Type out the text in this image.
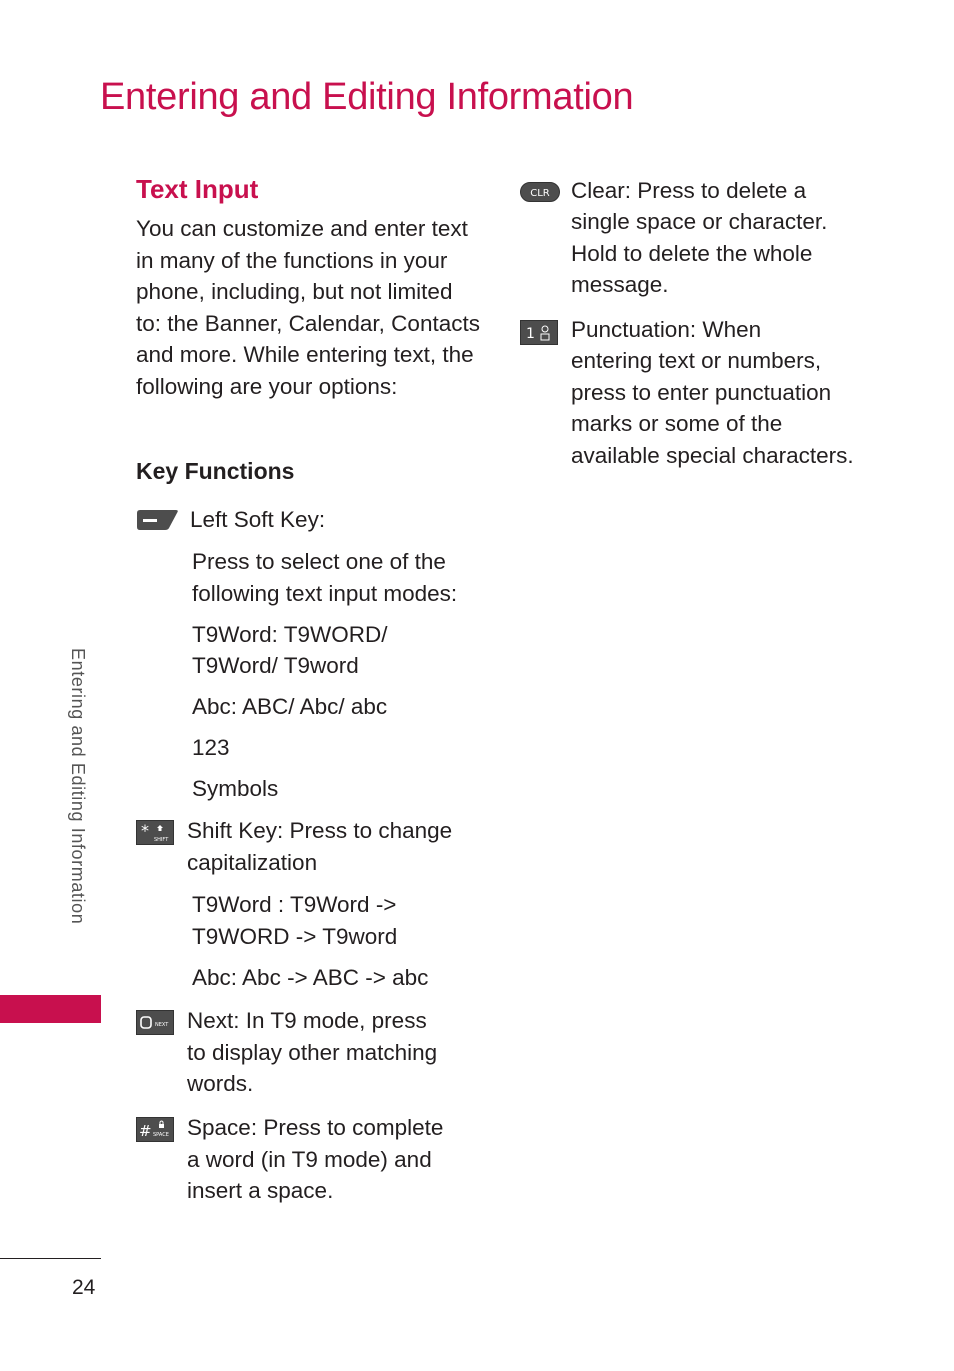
Entering and Editing Information
Text Input
You can customize and enter text in many of the functions in your phone, including, but not limited to: the Banner, Calendar, Contacts and more. While entering text, the following are your options:
Key Functions
Left Soft Key:
Press to select one of the
following text input modes:
T9Word: T9WORD/
T9Word/ T9word
Abc: ABC/ Abc/ abc
123
Symbols
* SHIFT Shift Key: Press to change
capitalization
T9Word : T9Word ->
T9WORD -> T9word
Abc: Abc -> ABC -> abc
NEXT Next: In T9 mode, press
to display other matching
words.
# SPACE Space: Press to complete
a word (in T9 mode) and
insert a space.
CLR Clear: Press to delete a
single space or character.
Hold to delete the whole
message.
1 Punctuation: When
entering text or numbers,
press to enter punctuation
marks or some of the
available special characters.
Entering and Editing Information
24
